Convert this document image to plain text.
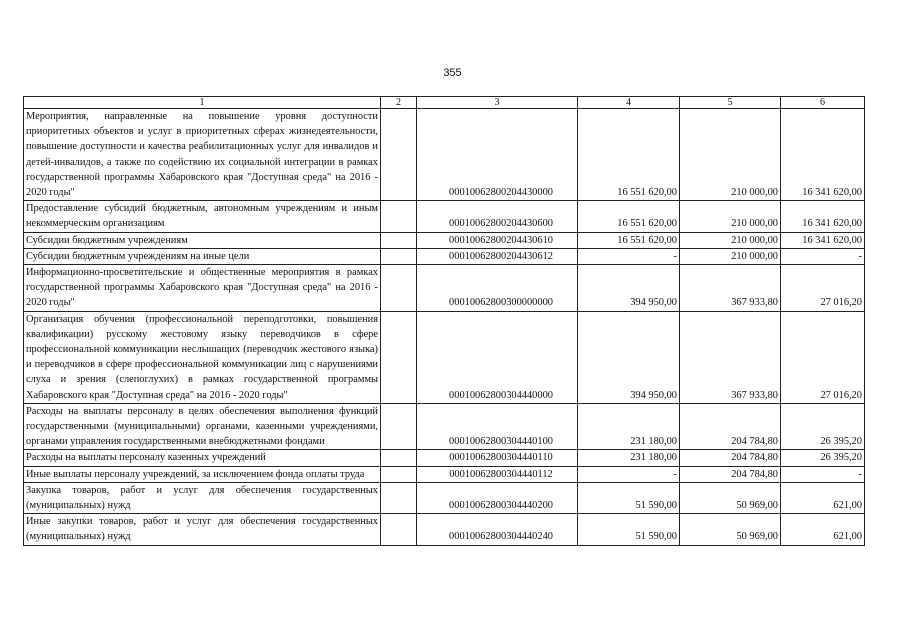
355
1	2	3	4	5	6
Мероприятия, направленные на повышение уровня доступности приоритетных объектов и услуг в приоритетных сферах жизнедеятельности, повышение доступности и качества реабилитационных услуг для инвалидов и детей-инвалидов, а также по содействию их социальной интеграции в рамках государственной программы Хабаровского края "Доступная среда" на 2016 - 2020 годы"		00010062800204430000	16 551 620,00	210 000,00	16 341 620,00
Предоставление субсидий бюджетным, автономным учреждениям и иным некоммерческим организациям		00010062800204430600	16 551 620,00	210 000,00	16 341 620,00
Субсидии бюджетным учреждениям		00010062800204430610	16 551 620,00	210 000,00	16 341 620,00
Субсидии бюджетным учреждениям на иные цели		00010062800204430612	-	210 000,00	-
Информационно-просветительские и общественные мероприятия в рамках государственной программы Хабаровского края "Доступная среда" на 2016 - 2020 годы"		00010062800300000000	394 950,00	367 933,80	27 016,20
Организация обучения (профессиональной переподготовки, повышения квалификации) русскому жестовому языку переводчиков в сфере профессиональной коммуникации неслышащих (переводчик жестового языка) и переводчиков в сфере профессиональной коммуникации лиц с нарушениями слуха и зрения (слепоглухих) в рамках государственной программы Хабаровского края "Доступная среда" на 2016 - 2020 годы"		00010062800304440000	394 950,00	367 933,80	27 016,20
Расходы на выплаты персоналу в целях обеспечения выполнения функций государственными (муниципальными) органами, казенными учреждениями, органами управления государственными внебюджетными фондами		00010062800304440100	231 180,00	204 784,80	26 395,20
Расходы на выплаты персоналу казенных учреждений		00010062800304440110	231 180,00	204 784,80	26 395,20
Иные выплаты персоналу учреждений, за исключением фонда оплаты труда		00010062800304440112	-	204 784,80	-
Закупка товаров, работ и услуг для обеспечения государственных (муниципальных) нужд		00010062800304440200	51 590,00	50 969,00	621,00
Иные закупки товаров, работ и услуг для обеспечения государственных (муниципальных) нужд		00010062800304440240	51 590,00	50 969,00	621,00
